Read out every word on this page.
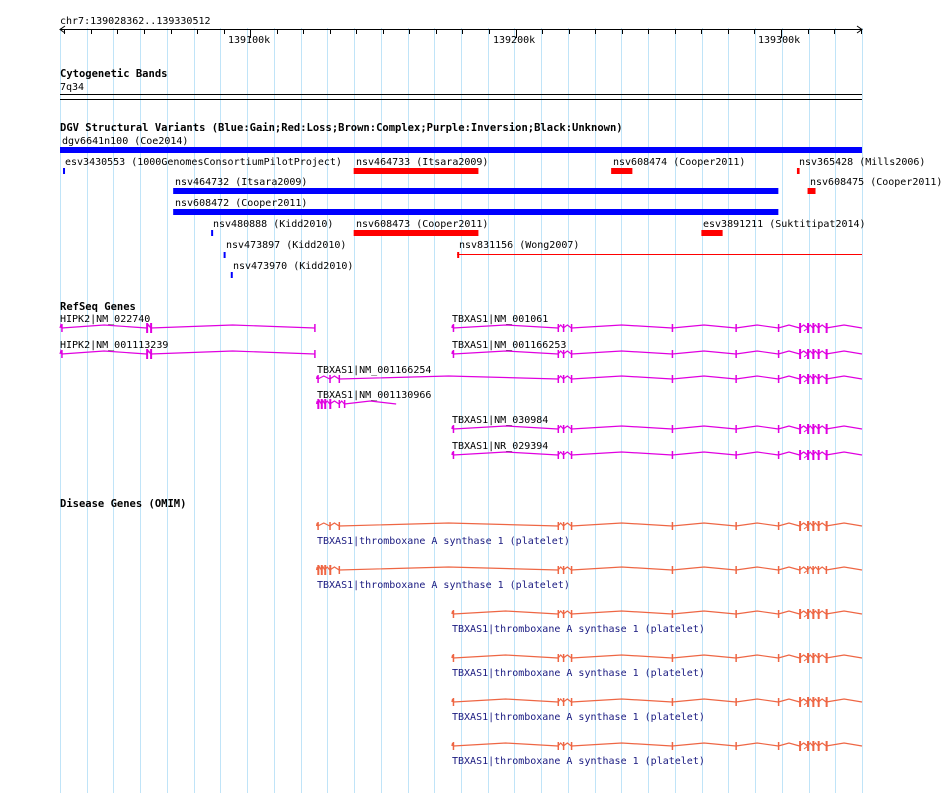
chr7:139028362..139330512
139100k	139200k	139300k
Cytogenetic Bands
7q34
DGV Structural Variants (Blue:Gain;Red:Loss;Brown:Complex;Purple:Inversion;Black:Unknown)
RefSeq Genes
Disease Genes (OMIM)
dgv6641n100 (Coe2014)
esv3430553 (1000GenomesConsortiumPilotProject) nsv464733 (Itsara2009)	nsv608474 (Cooper2011)	nsv365428 (Mills2006)
nsv464732 (Itsara2009)	nsv608475 (Cooper2011)
nsv608472 (Cooper2011)
nsv480888 (Kidd2010) nsv608473 (Cooper2011)	esv3891211 (Suktitipat2014)
nsv473897 (Kidd2010)	nsv831156 (Wong2007)
nsv473970 (Kidd2010)
HIPK2|NM_022740	TBXAS1|NM_001061
HIPK2|NM_001113239	TBXAS1|NM_001166253
TBXAS1|NM_001166254
TBXAS1|NM_001130966
TBXAS1|NM_030984
TBXAS1|NR_029394
TBXAS1|thromboxane A synthase 1 (platelet)
TBXAS1|thromboxane A synthase 1 (platelet)
TBXAS1|thromboxane A synthase 1 (platelet)
TBXAS1|thromboxane A synthase 1 (platelet)
TBXAS1|thromboxane A synthase 1 (platelet)
TBXAS1|thromboxane A synthase 1 (platelet)
